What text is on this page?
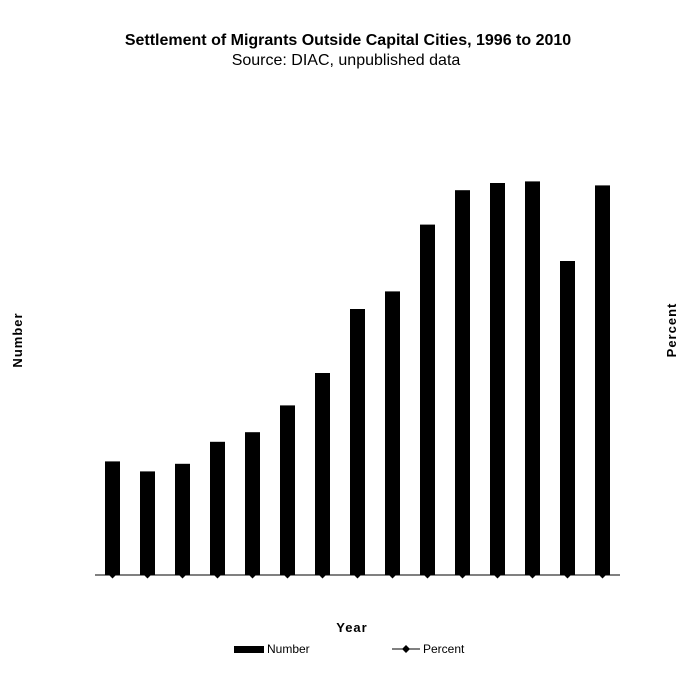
Settlement of Migrants Outside Capital Cities, 1996 to 2010
Source: DIAC, unpublished data
Number	Percent
Year
Number	Percent
